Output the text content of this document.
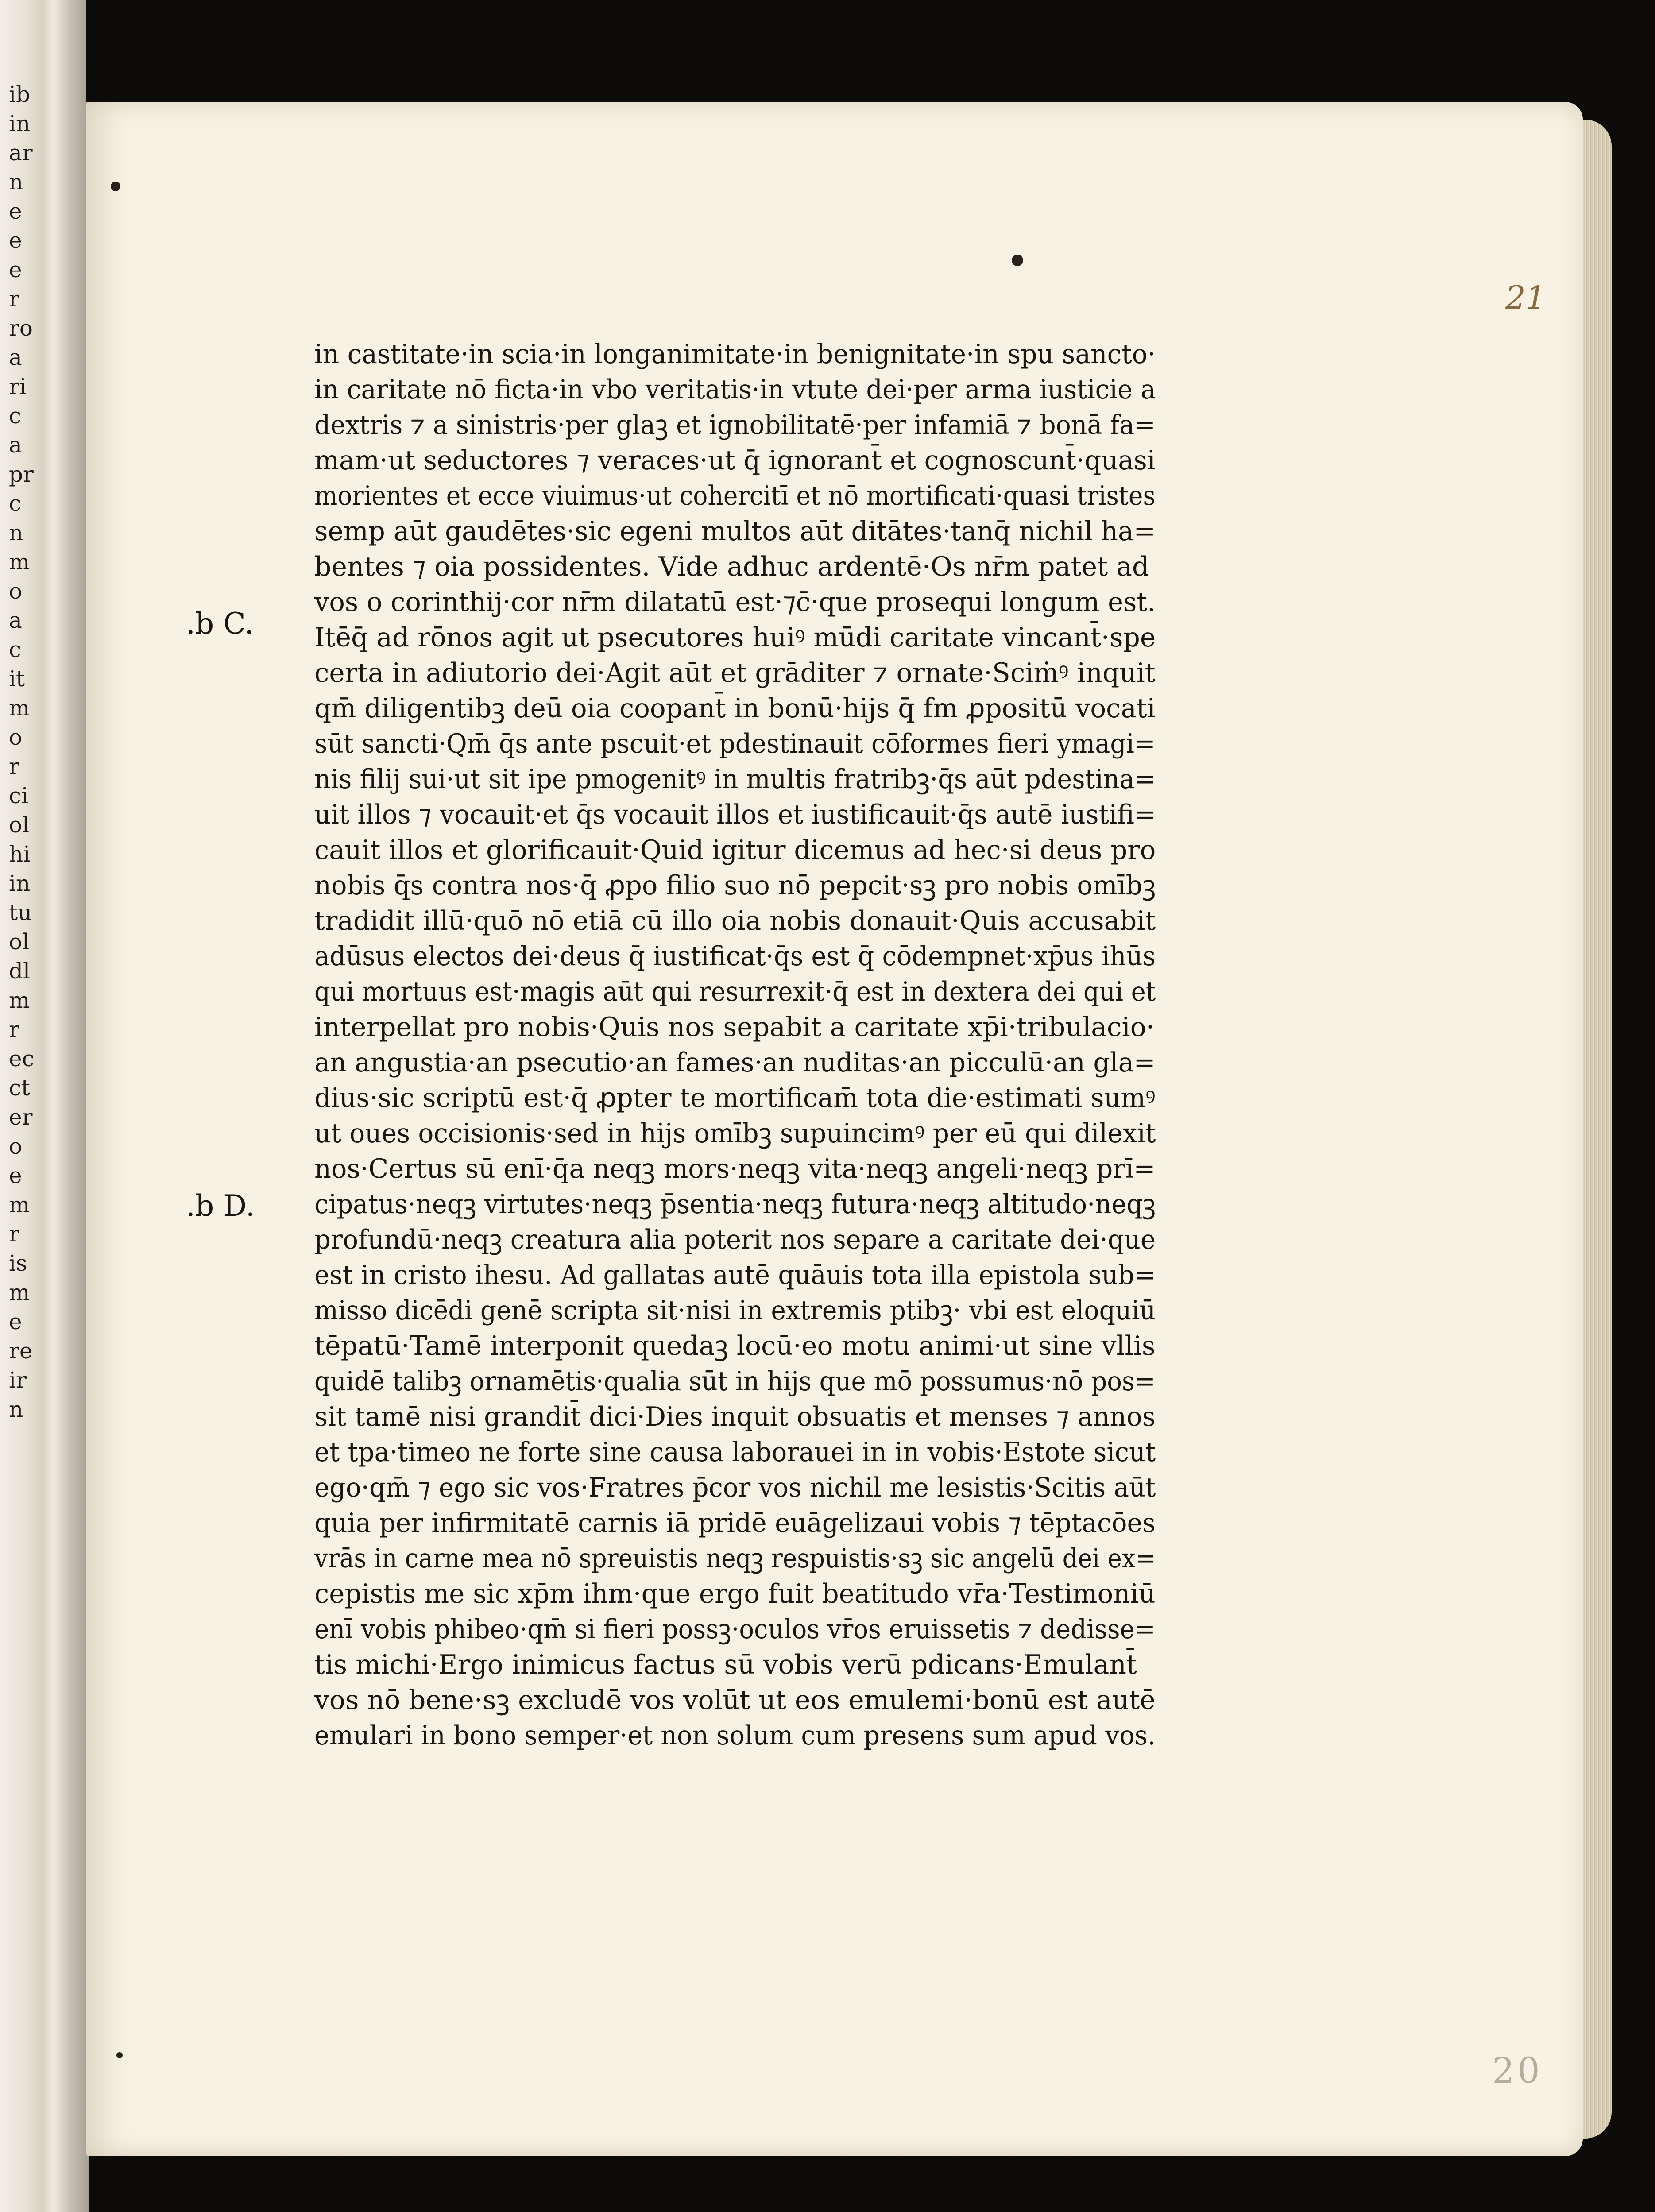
ib
in
ar
n
e
e
e
r
ro
a
ri
c
a
pr
c
n
m
o
a
c
it
m
o
r
ci
ol
hi
in
tu
ol
dl
m
r
ec
ct
er
o
e
m
r
is
m
e
re
ir
n
21
20
.b C.
.b D.
in castitate·in scia·in longanimitate·in benignitate·in spu sancto·
in caritate nō ficta·in vbo veritatis·in vtute dei·per arma iusticie a
dextris ⁊ a sinistris·per glaꝫ et ignobilitatē·per infamiā ⁊ bonā fa=
mam·ut seductores ⁊ veraces·ut q̄ ignorant̄ et cognoscunt̄·quasi
morientes et ecce viuimus·ut cohercitī et nō mortificati·quasi tristes
semp aūt gaudētes·sic egeni multos aūt ditātes·tanq̄ nichil ha=
bentes ⁊ oia possidentes. Vide adhuc ardentē·Os nr̄m patet ad
vos o corinthij·cor nr̄m dilatatū est·⁊c̄·que prosequi longum est.
Itēq̄ ad rōnos agit ut psecutores huiꝰ mūdi caritate vincant̄·spe
certa in adiutorio dei·Agit aūt et grāditer ⁊ ornate·Sciṁꝰ inquit
qm̄ diligentibꝫ deū oia coopant̄ in bonū·hijs q̄ fm ꝓpositū vocati
sūt sancti·Qm̄ q̄s ante pscuit·et pdestinauit cōformes fieri ymagi=
nis filij sui·ut sit ipe pmogenitꝰ in multis fratribꝫ·q̄s aūt pdestina=
uit illos ⁊ vocauit·et q̄s vocauit illos et iustificauit·q̄s autē iustifi=
cauit illos et glorificauit·Quid igitur dicemus ad hec·si deus pro
nobis q̄s contra nos·q̄ ꝓpo filio suo nō pepcit·sꝫ pro nobis omībꝫ
tradidit illū·quō nō etiā cū illo oia nobis donauit·Quis accusabit
adūsus electos dei·deus q̄ iustificat·q̄s est q̄ cōdempnet·xp̄us ihūs
qui mortuus est·magis aūt qui resurrexit·q̄ est in dextera dei qui et
interpellat pro nobis·Quis nos sepabit a caritate xp̄i·tribulacio·
an angustia·an psecutio·an fames·an nuditas·an picculū·an gla=
dius·sic scriptū est·q̄ ꝓpter te mortificam̄ tota die·estimati sumꝰ
ut oues occisionis·sed in hijs omībꝫ supuincimꝰ per eū qui dilexit
nos·Certus sū enī·q̄a neqꝫ mors·neqꝫ vita·neqꝫ angeli·neqꝫ prī=
cipatus·neqꝫ virtutes·neqꝫ p̄sentia·neqꝫ futura·neqꝫ altitudo·neqꝫ
profundū·neqꝫ creatura alia poterit nos separe a caritate dei·que
est in cristo ihesu. Ad gallatas autē quāuis tota illa epistola sub=
misso dicēdi genē scripta sit·nisi in extremis ptibꝫ· vbi est eloquiū
tēpatū·Tamē interponit quedaꝫ locū·eo motu animi·ut sine vllis
quidē talibꝫ ornamētis·qualia sūt in hijs que mō possumus·nō pos=
sit tamē nisi grandit̄ dici·Dies inquit obsuatis et menses ⁊ annos
et tpa·timeo ne forte sine causa laborauei in in vobis·Estote sicut
ego·qm̄ ⁊ ego sic vos·Fratres p̄cor vos nichil me lesistis·Scitis aūt
quia per infirmitatē carnis iā pridē euāgelizaui vobis ⁊ tēptacōes
vrās in carne mea nō spreuistis neqꝫ respuistis·sꝫ sic angelū dei ex=
cepistis me sic xp̄m ihm·que ergo fuit beatitudo vr̄a·Testimoniū
enī vobis phibeo·qm̄ si fieri possꝫ·oculos vr̄os eruissetis ⁊ dedisse=
tis michi·Ergo inimicus factus sū vobis verū pdicans·Emulant̄
vos nō bene·sꝫ excludē vos volūt ut eos emulemi·bonū est autē
emulari in bono semper·et non solum cum presens sum apud vos.
